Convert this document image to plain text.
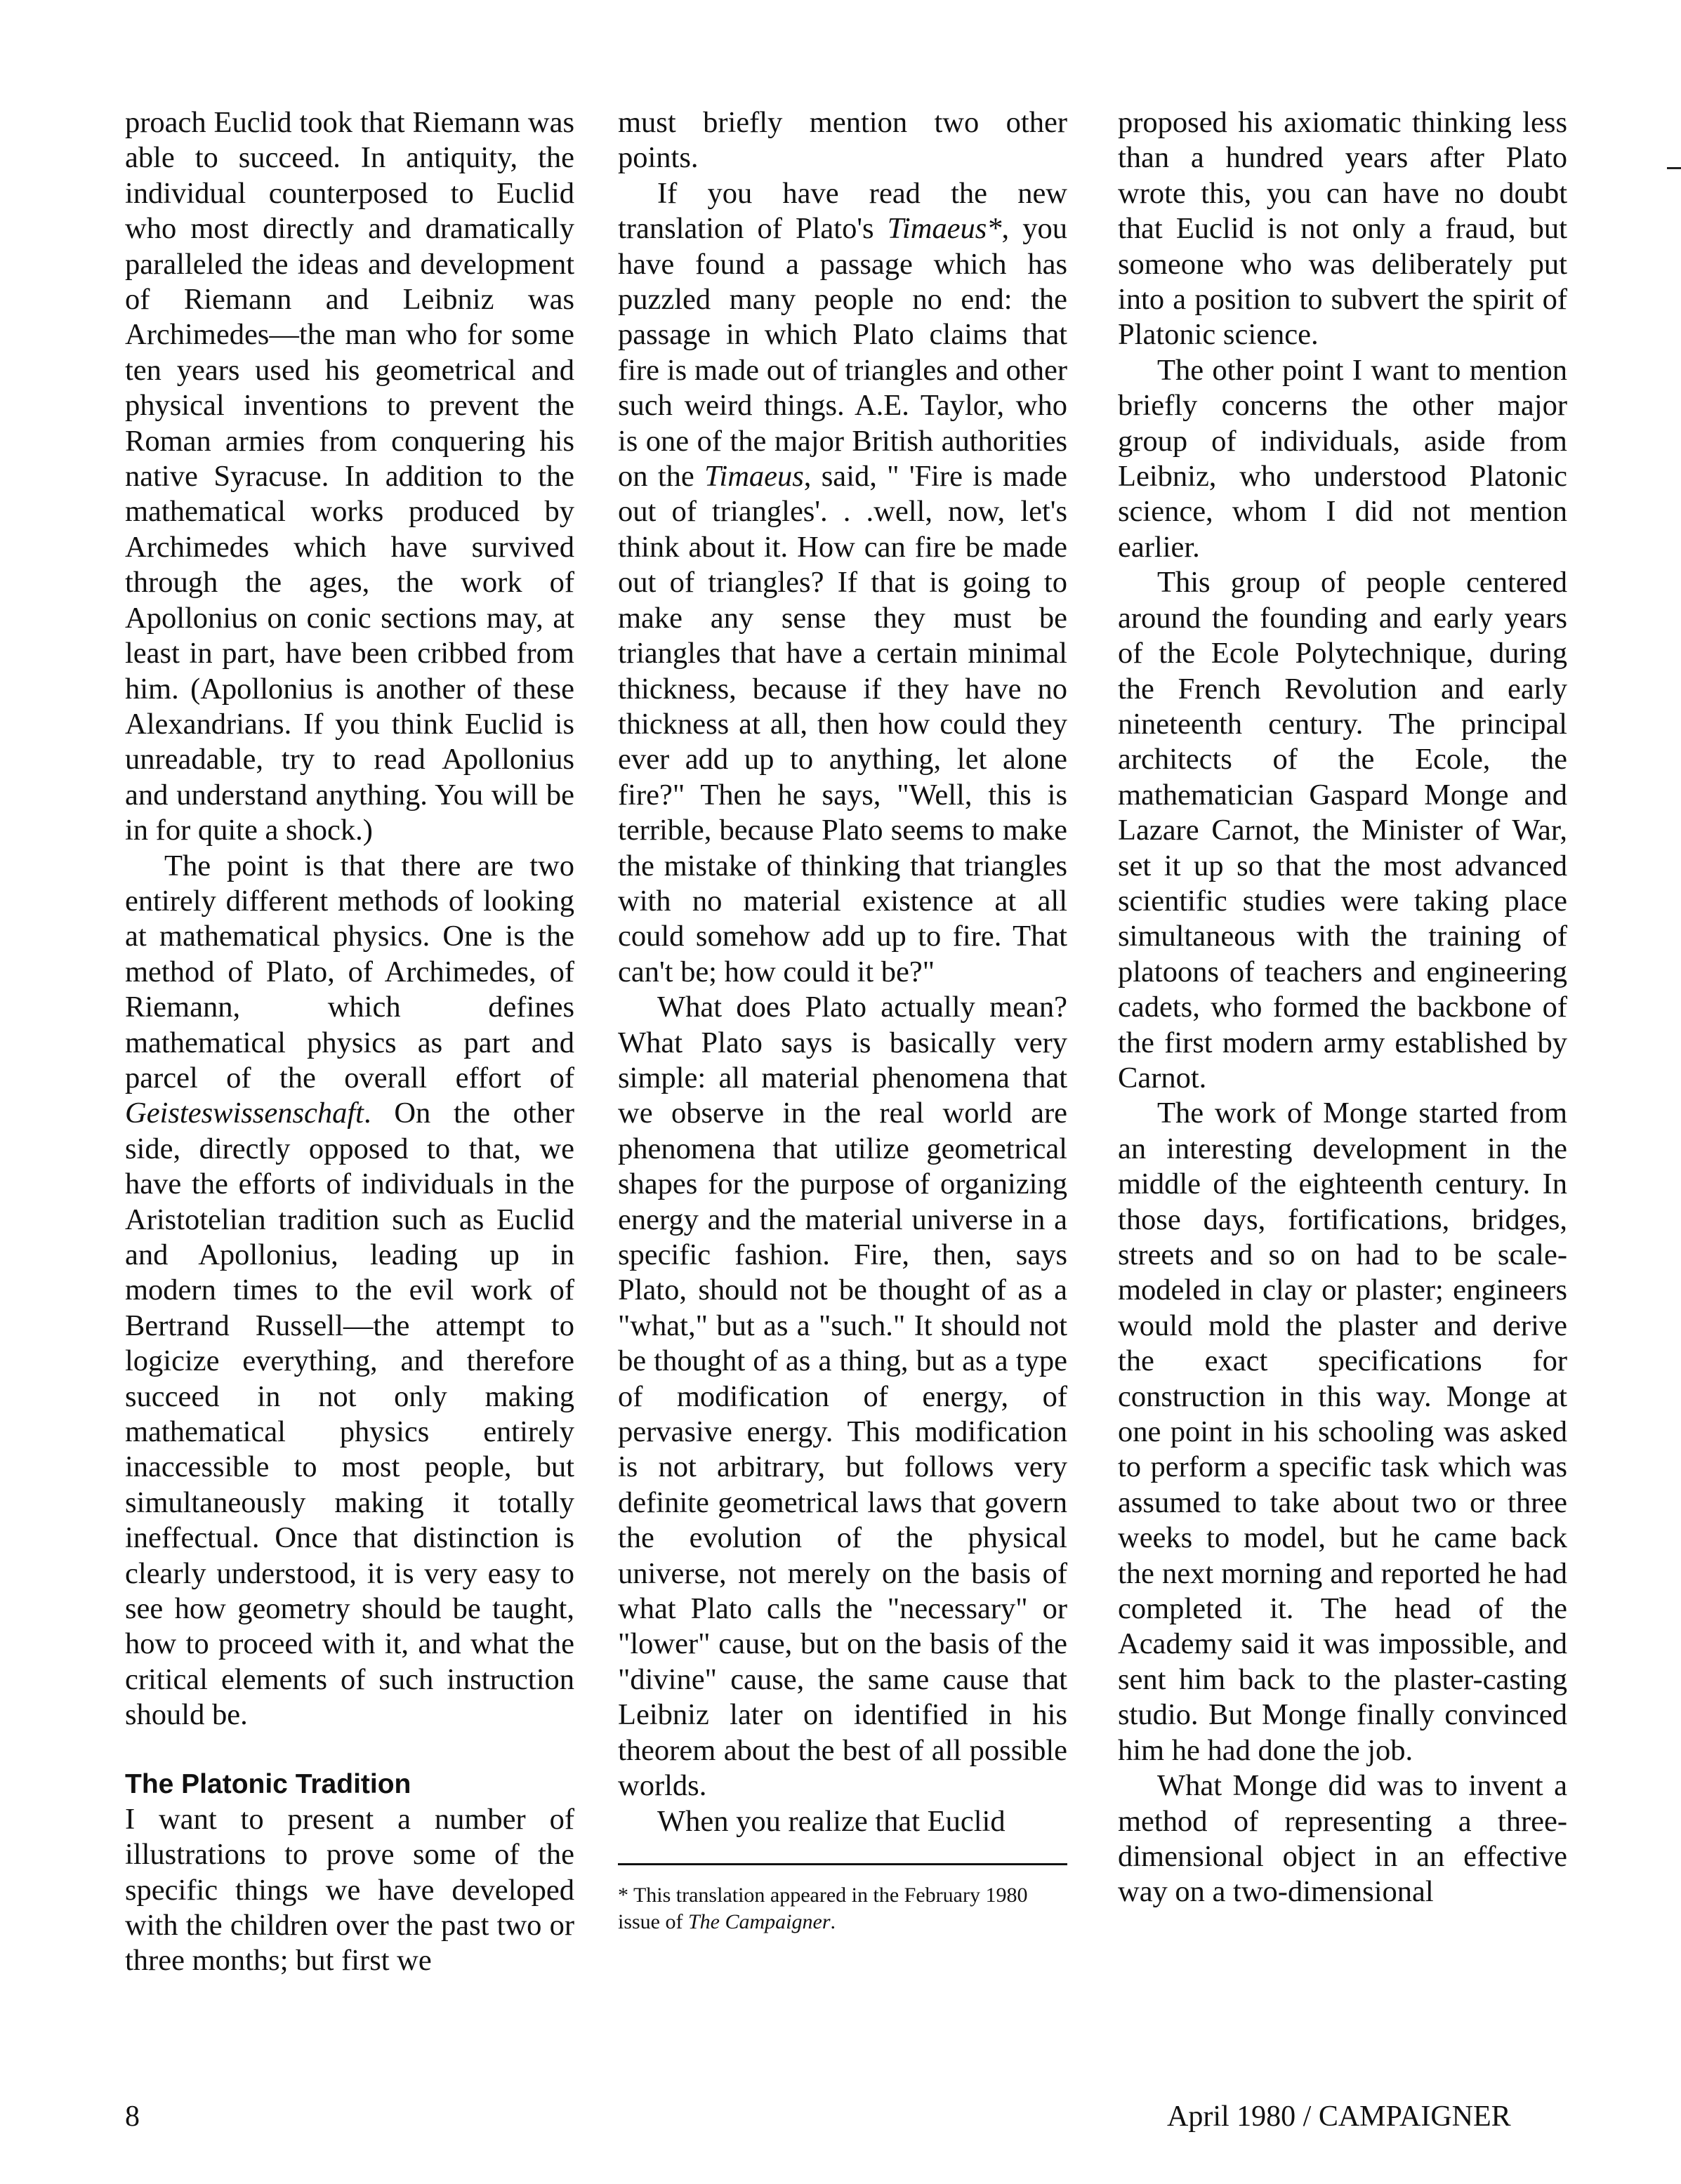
proach Euclid took that Riemann was able to succeed. In antiquity, the individual counterposed to Euclid who most directly and dramatically paralleled the ideas and development of Riemann and Leibniz was Archimedes—the man who for some ten years used his geometrical and physical inventions to prevent the Roman armies from conquering his native Syracuse. In addition to the mathematical works produced by Archimedes which have survived through the ages, the work of Apollonius on conic sections may, at least in part, have been cribbed from him. (Apollonius is another of these Alexandrians. If you think Euclid is unreadable, try to read Apollonius and understand anything. You will be in for quite a shock.)

The point is that there are two entirely different methods of looking at mathematical physics. One is the method of Plato, of Archimedes, of Riemann, which defines mathematical physics as part and parcel of the overall effort of Geisteswissenschaft. On the other side, directly opposed to that, we have the efforts of individuals in the Aristotelian tradition such as Euclid and Apollonius, leading up in modern times to the evil work of Bertrand Russell—the attempt to logicize everything, and therefore succeed in not only making mathematical physics entirely inaccessible to most people, but simultaneously making it totally ineffectual. Once that distinction is clearly understood, it is very easy to see how geometry should be taught, how to proceed with it, and what the critical elements of such instruction should be.

The Platonic Tradition

I want to present a number of illustrations to prove some of the specific things we have developed with the children over the past two or three months; but first we

must briefly mention two other points.

If you have read the new translation of Plato's Timaeus*, you have found a passage which has puzzled many people no end: the passage in which Plato claims that fire is made out of triangles and other such weird things. A.E. Taylor, who is one of the major British authorities on the Timaeus, said, " 'Fire is made out of triangles'. . .well, now, let's think about it. How can fire be made out of triangles? If that is going to make any sense they must be triangles that have a certain minimal thickness, because if they have no thickness at all, then how could they ever add up to anything, let alone fire?" Then he says, "Well, this is terrible, because Plato seems to make the mistake of thinking that triangles with no material existence at all could somehow add up to fire. That can't be; how could it be?"

What does Plato actually mean? What Plato says is basically very simple: all material phenomena that we observe in the real world are phenomena that utilize geometrical shapes for the purpose of organizing energy and the material universe in a specific fashion. Fire, then, says Plato, should not be thought of as a "what," but as a "such." It should not be thought of as a thing, but as a type of modification of energy, of pervasive energy. This modification is not arbitrary, but follows very definite geometrical laws that govern the evolution of the physical universe, not merely on the basis of what Plato calls the "necessary" or "lower" cause, but on the basis of the "divine" cause, the same cause that Leibniz later on identified in his theorem about the best of all possible worlds.

When you realize that Euclid

* This translation appeared in the February 1980 issue of The Campaigner.

proposed his axiomatic thinking less than a hundred years after Plato wrote this, you can have no doubt that Euclid is not only a fraud, but someone who was deliberately put into a position to subvert the spirit of Platonic science.

The other point I want to mention briefly concerns the other major group of individuals, aside from Leibniz, who understood Platonic science, whom I did not mention earlier.

This group of people centered around the founding and early years of the Ecole Polytechnique, during the French Revolution and early nineteenth century. The principal architects of the Ecole, the mathematician Gaspard Monge and Lazare Carnot, the Minister of War, set it up so that the most advanced scientific studies were taking place simultaneous with the training of platoons of teachers and engineering cadets, who formed the backbone of the first modern army established by Carnot.

The work of Monge started from an interesting development in the middle of the eighteenth century. In those days, fortifications, bridges, streets and so on had to be scale-modeled in clay or plaster; engineers would mold the plaster and derive the exact specifications for construction in this way. Monge at one point in his schooling was asked to perform a specific task which was assumed to take about two or three weeks to model, but he came back the next morning and reported he had completed it. The head of the Academy said it was impossible, and sent him back to the plaster-casting studio. But Monge finally convinced him he had done the job.

What Monge did was to invent a method of representing a three-dimensional object in an effective way on a two-dimensional

8	April 1980 / CAMPAIGNER
